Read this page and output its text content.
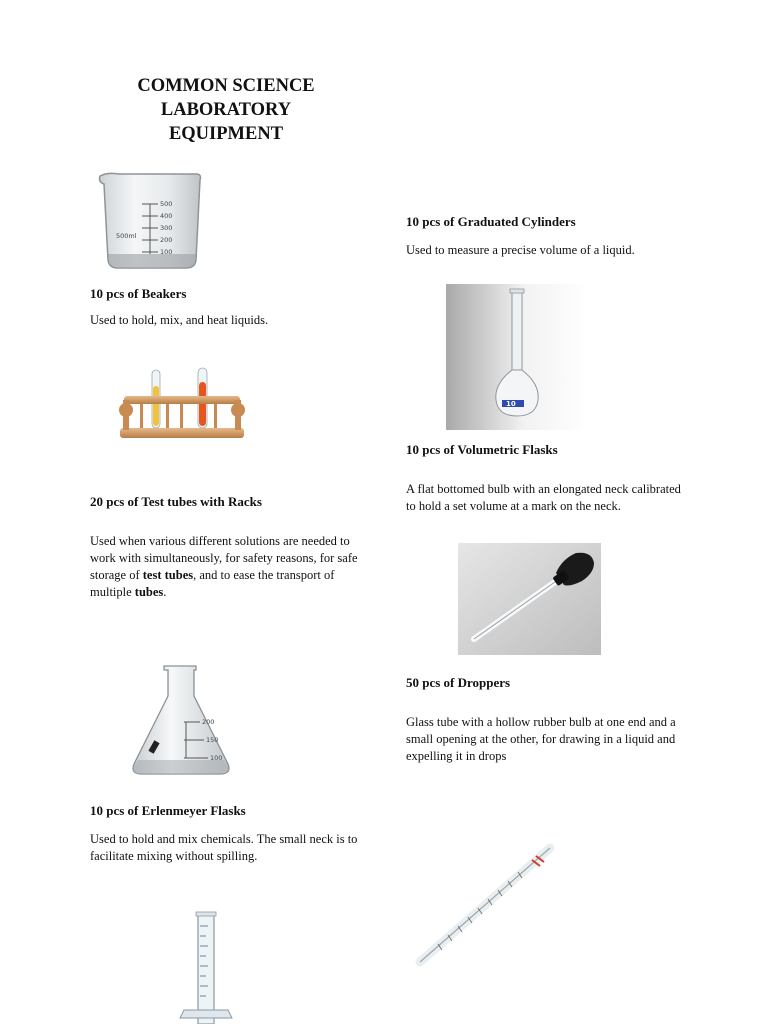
COMMON SCIENCE
LABORATORY
EQUIPMENT
500
400
300
200
100
500ml
10 pcs of Beakers
Used to hold, mix, and heat liquids.
10 pcs of Graduated Cylinders
Used to measure a precise volume of a liquid.
10
10 pcs of Volumetric Flasks
A flat bottomed bulb with an elongated neck calibrated to hold a set volume at a mark on the neck.
20 pcs of Test tubes with Racks
Used when various different solutions are needed to work with simultaneously, for safety reasons, for safe storage of test tubes, and to ease the transport of multiple tubes.
50 pcs of Droppers
Glass tube with a hollow rubber bulb at one end and a small opening at the other, for drawing in a liquid and expelling it in drops
200
150
100
10 pcs of Erlenmeyer Flasks
Used to hold and mix chemicals. The small neck is to facilitate mixing without spilling.
